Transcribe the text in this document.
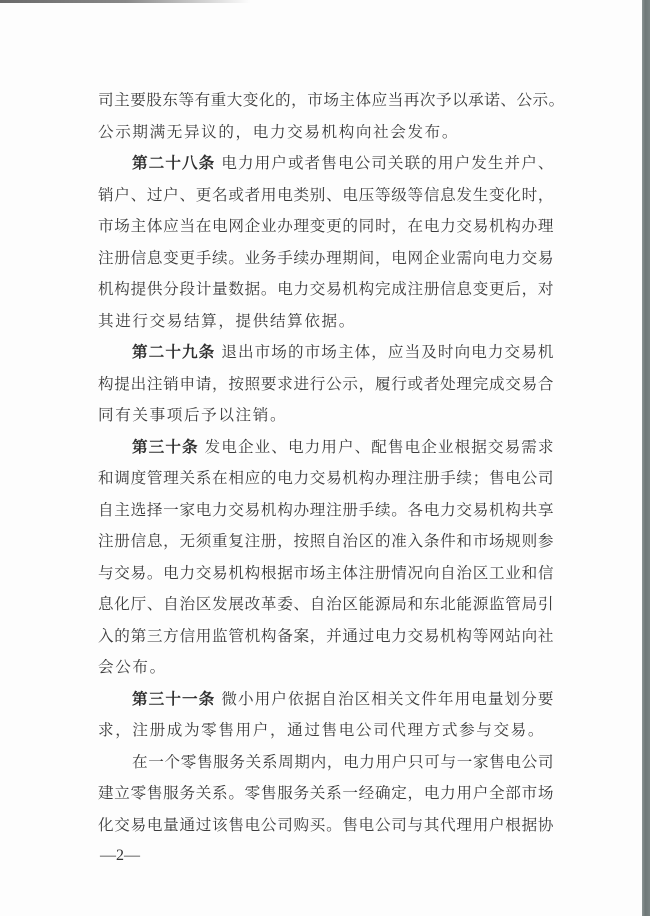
司主要股东等有重大变化的，市场主体应当再次予以承诺、公示。
公示期满无异议的，电力交易机构向社会发布。
第二十八条 电力用户或者售电公司关联的用户发生并户、
销户、过户、更名或者用电类别、电压等级等信息发生变化时，
市场主体应当在电网企业办理变更的同时，在电力交易机构办理
注册信息变更手续。业务手续办理期间，电网企业需向电力交易
机构提供分段计量数据。电力交易机构完成注册信息变更后，对
其进行交易结算，提供结算依据。
第二十九条 退出市场的市场主体，应当及时向电力交易机
构提出注销申请，按照要求进行公示，履行或者处理完成交易合
同有关事项后予以注销。
第三十条 发电企业、电力用户、配售电企业根据交易需求
和调度管理关系在相应的电力交易机构办理注册手续；售电公司
自主选择一家电力交易机构办理注册手续。各电力交易机构共享
注册信息，无须重复注册，按照自治区的准入条件和市场规则参
与交易。电力交易机构根据市场主体注册情况向自治区工业和信
息化厅、自治区发展改革委、自治区能源局和东北能源监管局引
入的第三方信用监管机构备案，并通过电力交易机构等网站向社
会公布。
第三十一条 微小用户依据自治区相关文件年用电量划分要
求，注册成为零售用户，通过售电公司代理方式参与交易。
在一个零售服务关系周期内，电力用户只可与一家售电公司
建立零售服务关系。零售服务关系一经确定，电力用户全部市场
化交易电量通过该售电公司购买。售电公司与其代理用户根据协
—2—
